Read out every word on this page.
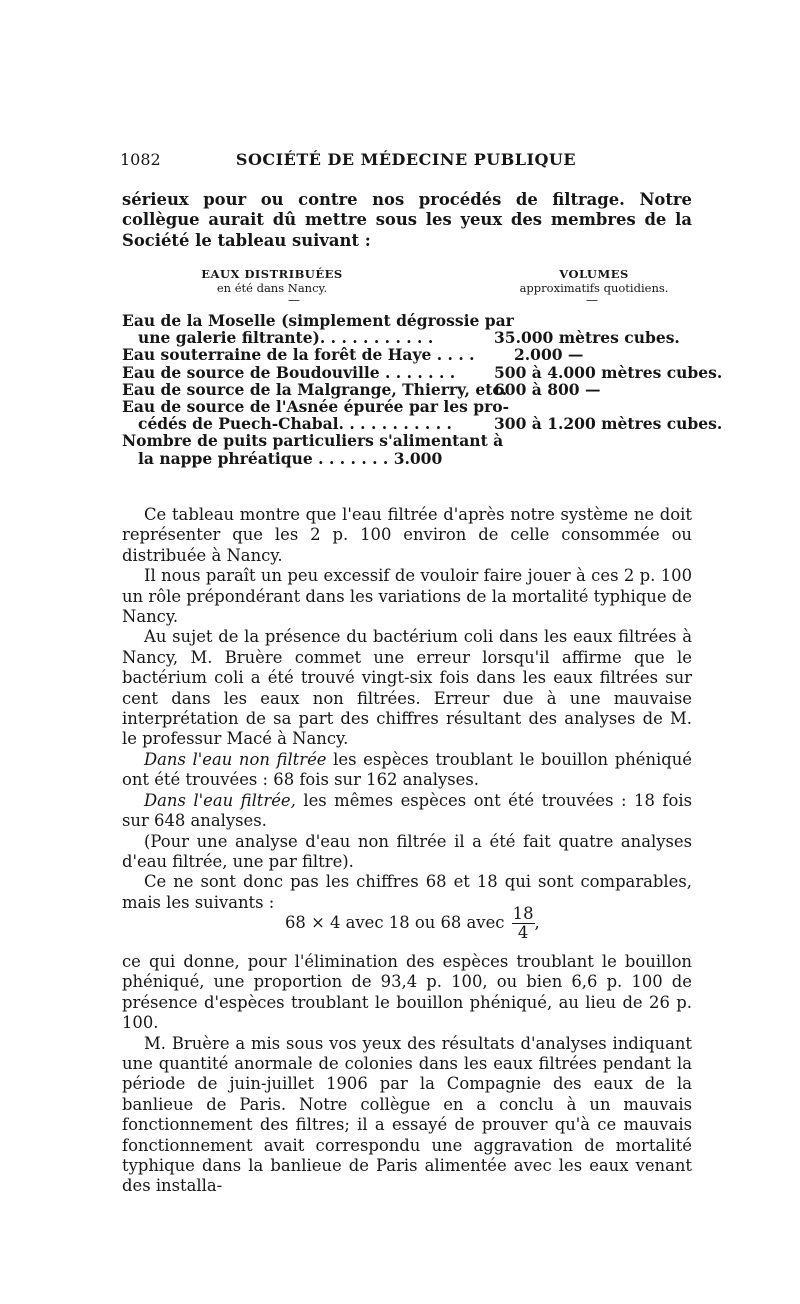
1082	SOCIÉTÉ DE MÉDECINE PUBLIQUE

sérieux pour ou contre nos procédés de filtrage. Notre collègue aurait dû mettre sous les yeux des membres de la Société le tableau suivant :

EAUX DISTRIBUÉES
en été dans Nancy.
VOLUMES
approximatifs quotidiens.
—	—
Eau de la Moselle (simplement dégrossie par
une galerie filtrante). . . . . . . . . . .
Eau souterraine de la forêt de Haye . . . .
Eau de source de Boudouville . . . . . . .
Eau de source de la Malgrange, Thierry, etc.
Eau de source de l'Asnée épurée par les pro-
cédés de Puech-Chabal. . . . . . . . . . .
Nombre de puits particuliers s'alimentant à
la nappe phréatique . . . . . . . 3.000
35.000 mètres cubes.
2.000 —
500 à 4.000 mètres cubes.
600 à 800 —
300 à 1.200 mètres cubes.

Ce tableau montre que l'eau filtrée d'après notre système ne doit représenter que les 2 p. 100 environ de celle consommée ou distribuée à Nancy.

Il nous paraît un peu excessif de vouloir faire jouer à ces 2 p. 100 un rôle prépondérant dans les variations de la mortalité typhique de Nancy.

Au sujet de la présence du bactérium coli dans les eaux filtrées à Nancy, M. Bruère commet une erreur lorsqu'il affirme que le bactérium coli a été trouvé vingt-six fois dans les eaux filtrées sur cent dans les eaux non filtrées. Erreur due à une mauvaise interprétation de sa part des chiffres résultant des analyses de M. le professur Macé à Nancy.

Dans l'eau non filtrée les espèces troublant le bouillon phéniqué ont été trouvées : 68 fois sur 162 analyses.

Dans l'eau filtrée, les mêmes espèces ont été trouvées : 18 fois sur 648 analyses.

(Pour une analyse d'eau non filtrée il a été fait quatre analyses d'eau filtrée, une par filtre).

Ce ne sont donc pas les chiffres 68 et 18 qui sont comparables, mais les suivants :

68 × 4 avec 18 ou 68 avec $\frac{18}{4}$ ,

ce qui donne, pour l'élimination des espèces troublant le bouillon phéniqué, une proportion de 93,4 p. 100, ou bien 6,6 p. 100 de présence d'espèces troublant le bouillon phéniqué, au lieu de 26 p. 100.

M. Bruère a mis sous vos yeux des résultats d'analyses indiquant une quantité anormale de colonies dans les eaux filtrées pendant la période de juin-juillet 1906 par la Compagnie des eaux de la banlieue de Paris. Notre collègue en a conclu à un mauvais fonctionnement des filtres; il a essayé de prouver qu'à ce mauvais fonctionnement avait correspondu une aggravation de mortalité typhique dans la banlieue de Paris alimentée avec les eaux venant des installa-
